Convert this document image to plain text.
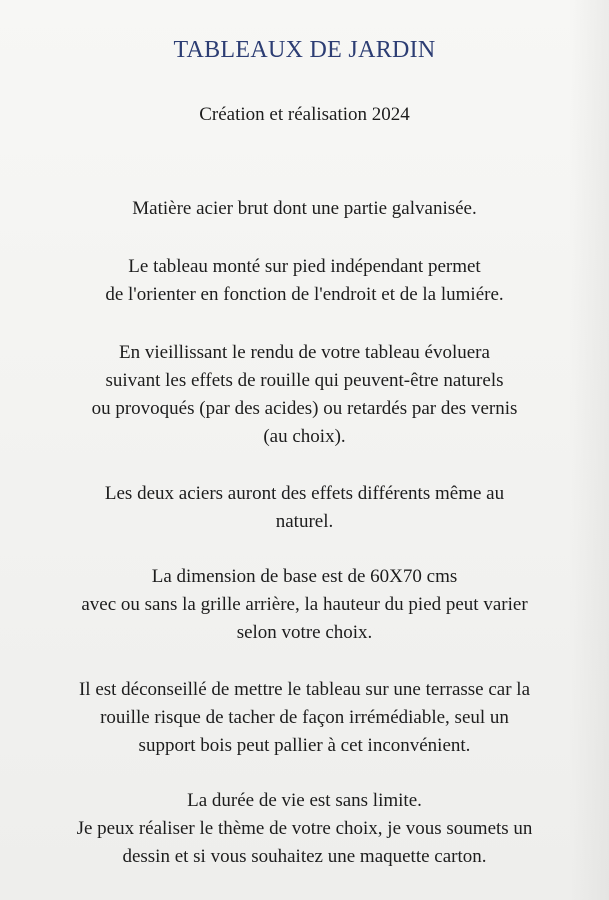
TABLEAUX DE JARDIN
Création et réalisation 2024
Matière acier brut dont une partie galvanisée.
Le tableau monté sur pied indépendant permet
de l'orienter en fonction de l'endroit et de la lumiére.
En vieillissant le rendu de votre tableau évoluera
suivant les effets de rouille qui peuvent-être naturels
ou provoqués (par des acides) ou retardés par des vernis
(au choix).
Les deux aciers auront des effets différents même au
naturel.
La dimension de base est de 60X70 cms
avec ou sans la grille arrière, la hauteur du pied peut varier
selon votre choix.
Il est déconseillé de mettre le tableau sur une terrasse car la
rouille risque de tacher de façon irrémédiable, seul un
support bois peut pallier à cet inconvénient.
La durée de vie est sans limite.
Je peux réaliser le thème de votre choix, je vous soumets un
dessin et si vous souhaitez une maquette carton.
